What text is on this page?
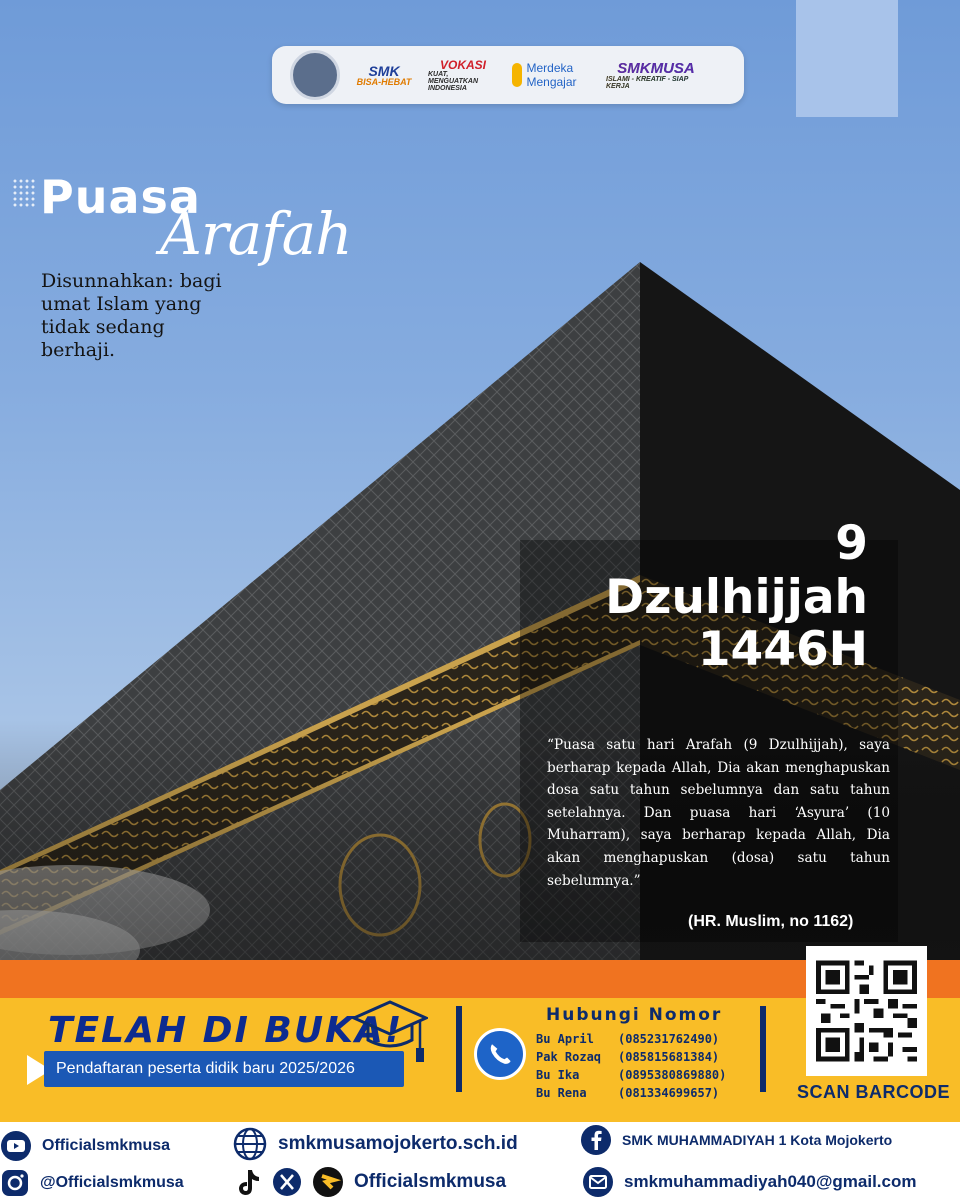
SMK
BISA-HEBAT
VOKASI
KUAT, MENGUATKAN INDONESIA
Merdeka Mengajar
SMKMUSA
ISLAMI - KREATIF - SIAP KERJA
Puasa
Arafah
Disunnahkan: bagi umat Islam yang tidak sedang berhaji.
9
Dzulhijjah
1446H
“Puasa satu hari Arafah (9 Dzulhijjah), saya berharap kepada Allah, Dia akan menghapuskan dosa satu tahun sebelumnya dan satu tahun setelahnya. Dan puasa hari ‘Asyura’ (10 Muharram), saya berharap kepada Allah, Dia akan menghapuskan (dosa) satu tahun sebelumnya.”
(HR. Muslim, no 1162)
TELAH DI BUKA!
Pendaftaran peserta didik baru 2025/2026
Hubungi Nomor
Bu April	(085231762490)
Pak Rozaq	(085815681384)
Bu Ika	(0895380869880)
Bu Rena	(081334699657)	SCAN BARCODE
Officialsmkmusa
@Officialsmkmusa
smkmusamojokerto.sch.id
Officialsmkmusa
SMK MUHAMMADIYAH 1 Kota Mojokerto
smkmuhammadiyah040@gmail.com
